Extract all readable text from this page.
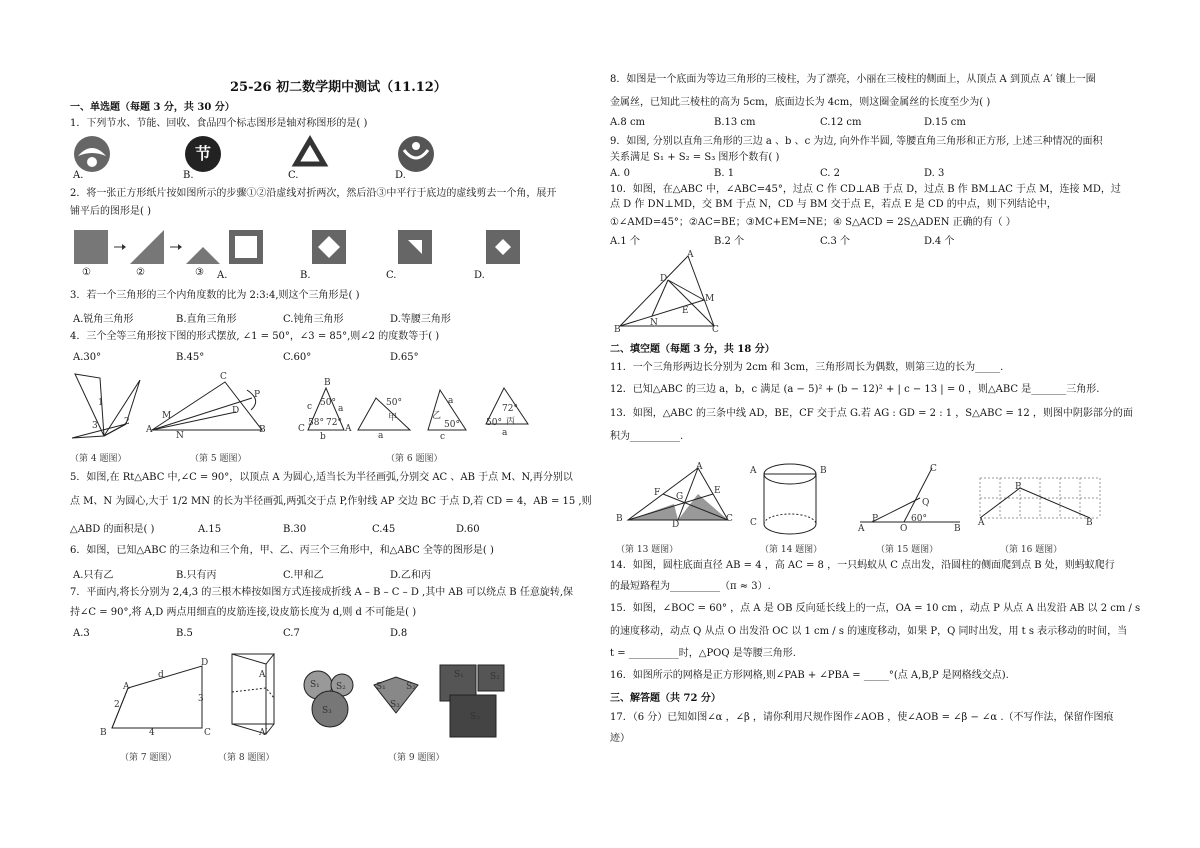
25-26 初二数学期中测试（11.12）
一、单选题（每题 3 分，共 30 分）
1．下列节水、节能、回收、食品四个标志图形是轴对称图形的是( )
节
A.	B.	C.	D.
2．将一张正方形纸片按如图所示的步骤①②沿虚线对折两次，然后沿③中平行于底边的虚线剪去一个角，展开
铺平后的图形是( )
①	②	③ A.	B.	C.	D.
3．若一个三角形的三个内角度数的比为 2:3:4,则这个三角形是( )
A.锐角三角形	B.直角三角形	C.钝角三角形	D.等腰三角形
4．三个全等三角形按下图的形式摆放, ∠1 = 50°，∠3 = 85°,则∠2 的度数等于( )
A.30°	B.45°	C.60°	D.65°
1
3	2
C
P
M	D
A
N
B
B
50°
58° 72°
C	A
a
b
c	50°
甲
a
乙
50°
c
a
72°
丙
50°
a
（第 4 题图）	（第 5 题图）	（第 6 题图）
5．如图,在 Rt△ABC 中,∠C = 90°，以顶点 A 为圆心,适当长为半径画弧,分别交 AC 、AB 于点 M、N,再分别以
点 M、N 为圆心,大于 1/2 MN 的长为半径画弧,两弧交于点 P,作射线 AP 交边 BC 于点 D,若 CD = 4，AB = 15 ,则
△ABD 的面积是( )	A.15	B.30	C.45	D.60
6．如图，已知△ABC 的三条边和三个角，甲、乙、丙三个三角形中，和△ABC 全等的图形是( )
A.只有乙	B.只有丙	C.甲和乙	D.乙和丙
7．平面内,将长分别为 2,4,3 的三根木棒按如图方式连接成折线 A – B – C – D ,其中 AB 可以绕点 B 任意旋转,保
持∠C = 90°,将 A,D 两点用细直的皮筋连接,设皮筋长度为 d,则 d 不可能是( )
A.3	B.5	C.7	D.8
D
d
A
2
3
4
B	C
A
A′
S₁ S₂
S₃
S₁ S₂
S₃
S₁	S₂
S₃
（第 7 题图）	（第 8 题图）	（第 9 题图）
8．如图是一个底面为等边三角形的三棱柱，为了漂亮，小丽在三棱柱的侧面上，从顶点 A 到顶点 A′ 镶上一圈
金属丝，已知此三棱柱的高为 5cm，底面边长为 4cm，则这圈金属丝的长度至少为( )
A.8 cm	B.13 cm	C.12 cm	D.15 cm
9．如图, 分别以直角三角形的三边 a 、b 、c 为边, 向外作半圆, 等腰直角三角形和正方形, 上述三种情况的面积
关系满足 S₁ + S₂ = S₃ 图形个数有( )
A. 0	B. 1	C. 2	D. 3
10．如图，在△ABC 中，∠ABC=45°，过点 C 作 CD⊥AB 于点 D，过点 B 作 BM⊥AC 于点 M，连接 MD，过
点 D 作 DN⊥MD，交 BM 于点 N，CD 与 BM 交于点 E，若点 E 是 CD 的中点，则下列结论中，
①∠AMD=45°；②AC=BE；③MC+EM=NE；④ S△ACD = 2S△ADEN 正确的有（ ）
A.1 个	B.2 个	C.3 个	D.4 个
A
D
M
E
N
B	C
二、填空题（每题 3 分，共 18 分）
11．一个三角形两边长分别为 2cm 和 3cm，三角形周长为偶数，则第三边的长为_____.
12．已知△ABC 的三边 a，b，c 满足 (a − 5)² + (b − 12)² + | c − 13 | = 0 ，则△ABC 是_______三角形.
13．如图，△ABC 的三条中线 AD，BE，CF 交于点 G.若 AG : GD = 2 : 1 ，S△ABC = 12 ，则图中阴影部分的面
积为__________.
A
F G
E
B
D
C
A	B
C
C
Q
P	60°
A	O	B
P
A	B
（第 13 题图）	（第 14 题图）	（第 15 题图）	（第 16 题图）
14．如图，圆柱底面直径 AB = 4 ，高 AC = 8 ，一只蚂蚁从 C 点出发，沿圆柱的侧面爬到点 B 处，则蚂蚁爬行
的最短路程为__________（π ≈ 3）.
15．如图，∠BOC = 60° ，点 A 是 OB 反向延长线上的一点，OA = 10 cm ，动点 P 从点 A 出发沿 AB 以 2 cm / s
的速度移动，动点 Q 从点 O 出发沿 OC 以 1 cm / s 的速度移动，如果 P，Q 同时出发，用 t s 表示移动的时间，当
t = __________时，△POQ 是等腰三角形.
16．如图所示的网格是正方形网格,则∠PAB + ∠PBA = _____°(点 A,B,P 是网格线交点).
三、解答题（共 72 分）
17．（6 分）已知如图∠α ，∠β ，请你利用尺规作图作∠AOB ，使∠AOB = ∠β − ∠α .（不写作法，保留作图痕
迹）
